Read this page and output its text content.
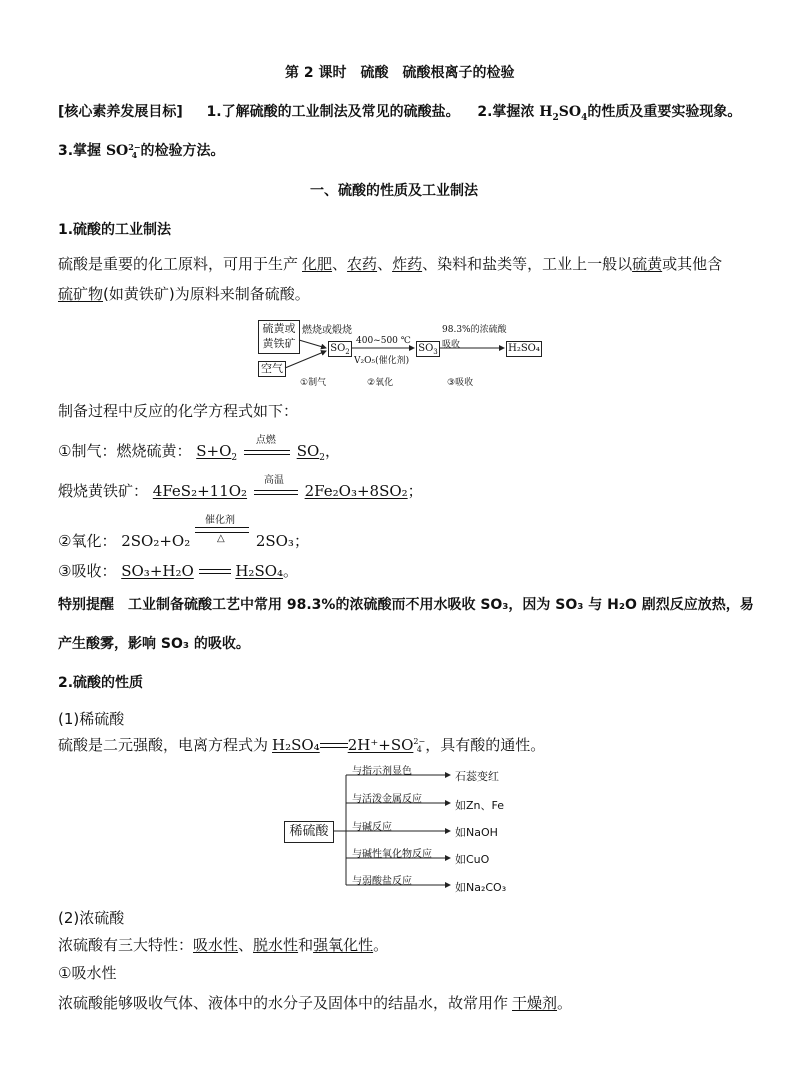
第 2 课时　硫酸　硫酸根离子的检验
[核心素养发展目标] 1.了解硫酸的工业制法及常见的硫酸盐。 2.掌握浓 $H_2SO_4$的性质及重要实验现象。
3.掌握 SO 2−
4 的检验方法。
一、硫酸的性质及工业制法
1.硫酸的工业制法
硫酸是重要的化工原料，可用于生产 化肥、农药、炸药、染料和盐类等，工业上一般以硫黄或其他含
硫矿物(如黄铁矿)为原料来制备硫酸。
硫黄或
黄铁矿
空气
燃烧或煅烧
$SO_2$
400~500 ℃
V₂O₅(催化剂)
$SO_3$
98.3%的浓硫酸
吸收	H₂SO₄
①制气	②氧化	③吸收
制备过程中反应的化学方程式如下：
①制气：燃烧硫黄： $S+O_2$
点燃
$SO_2$，
煅烧黄铁矿： 4FeS₂+11O₂
高温
2Fe₂O₃+8SO₂；
②氧化： 2SO₂+O₂
催化剂
△ 2SO₃；
③吸收： SO₃+H₂O	H₂SO₄。
特别提醒 工业制备硫酸工艺中常用 98.3%的浓硫酸而不用水吸收 SO₃，因为 SO₃ 与 H₂O 剧烈反应放热，易
产生酸雾，影响 SO₃ 的吸收。
2.硫酸的性质
(1)稀硫酸
硫酸是二元强酸，电离方程式为 H₂SO₄ 2H⁺+SO 2−
4 ，具有酸的通性。
稀硫酸
与指示剂显色
与活泼金属反应
与碱反应
与碱性氧化物反应
与弱酸盐反应
石蕊变红
如Zn、Fe
如NaOH
如CuO
如Na₂CO₃
(2)浓硫酸
浓硫酸有三大特性：吸水性、脱水性和强氧化性。
①吸水性
浓硫酸能够吸收气体、液体中的水分子及固体中的结晶水，故常用作 干燥剂。
